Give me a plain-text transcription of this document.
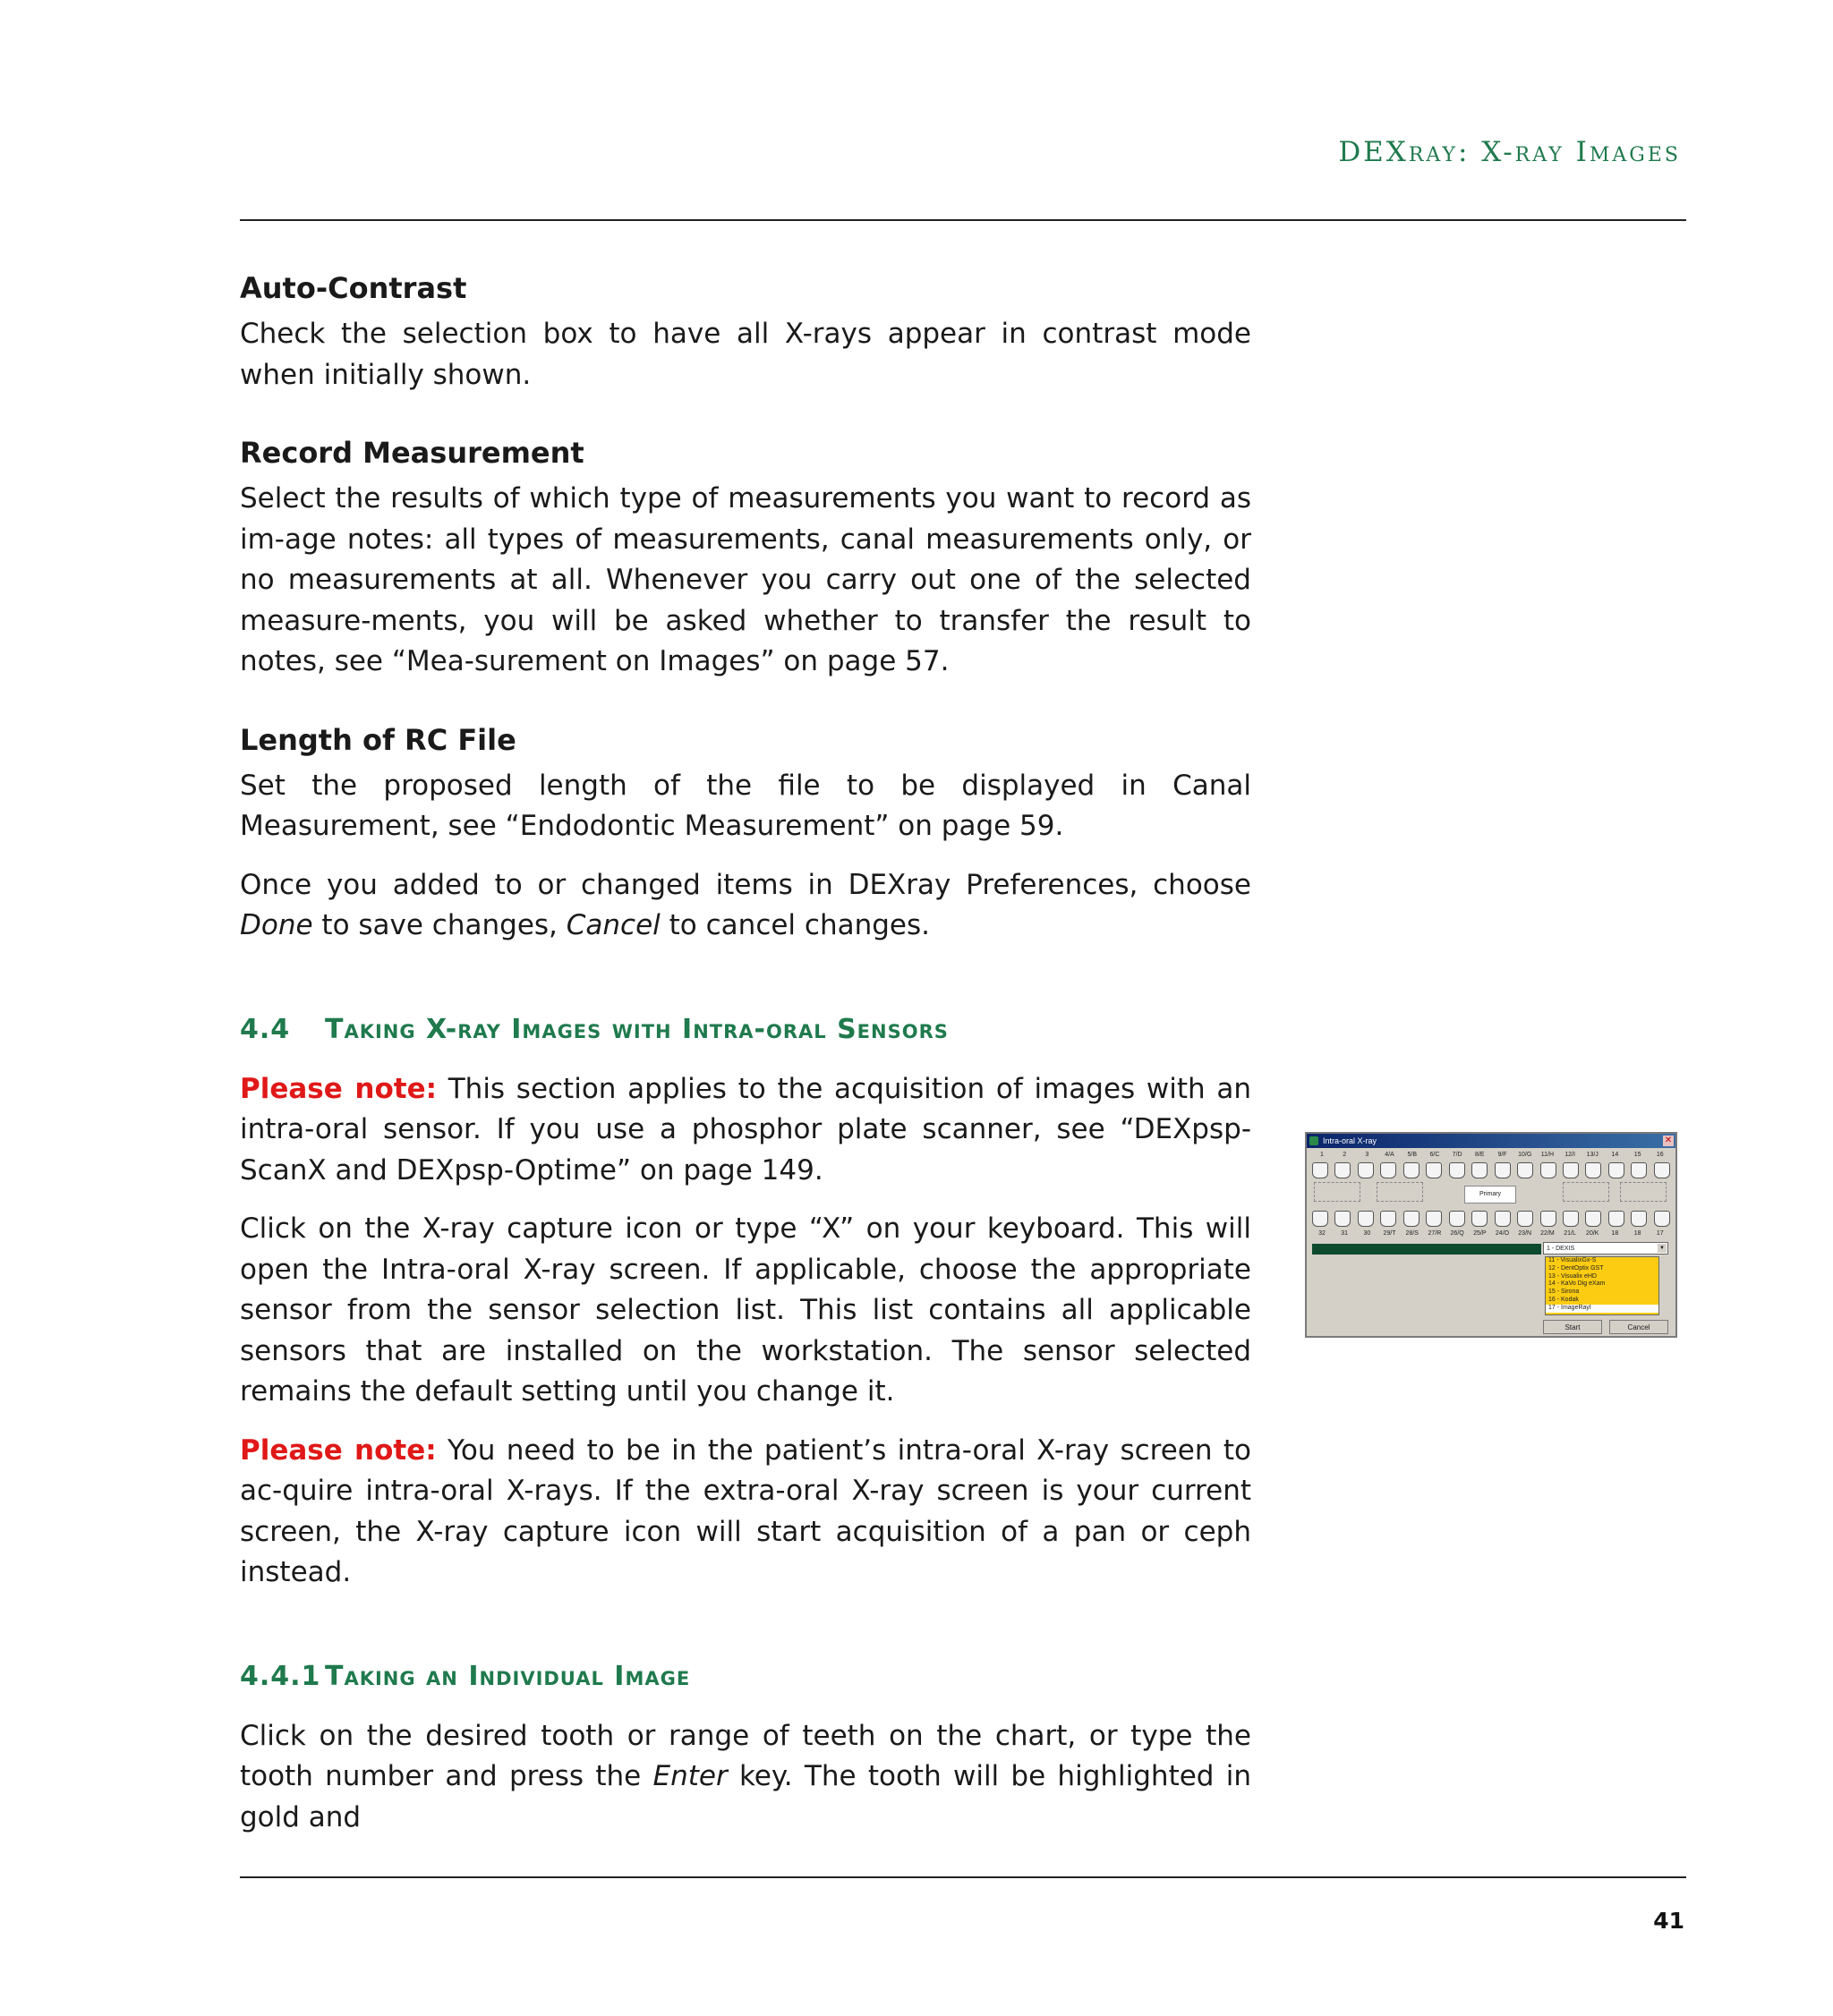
DEXray: X-ray Images
Auto-Contrast

Check the selection box to have all X-rays appear in contrast mode when initially shown.

Record Measurement

Select the results of which type of measurements you want to record as im-age notes: all types of measurements, canal measurements only, or no measurements at all. Whenever you carry out one of the selected measure-ments, you will be asked whether to transfer the result to notes, see “Mea-surement on Images” on page 57.

Length of RC File

Set the proposed length of the file to be displayed in Canal Measurement, see “Endodontic Measurement” on page 59.

Once you added to or changed items in DEXray Preferences, choose Done to save changes, Cancel to cancel changes.

4.4 Taking X-ray Images with Intra-oral Sensors

Please note: This section applies to the acquisition of images with an intra-oral sensor. If you use a phosphor plate scanner, see “DEXpsp-ScanX and DEXpsp-Optime” on page 149.

Click on the X-ray capture icon or type “X” on your keyboard. This will open the Intra-oral X-ray screen. If applicable, choose the appropriate sensor from the sensor selection list. This list contains all applicable sensors that are installed on the workstation. The sensor selected remains the default setting until you change it.

Please note: You need to be in the patient’s intra-oral X-ray screen to ac-quire intra-oral X-rays. If the extra-oral X-ray screen is your current screen, the X-ray capture icon will start acquisition of a pan or ceph instead.

4.4.1 Taking an Individual Image

Click on the desired tooth or range of teeth on the chart, or type the tooth number and press the Enter key. The tooth will be highlighted in gold and

Intra-oral X-ray	✕
1	2	3	4/A	5/B	6/C	7/D	8/E	9/F	10/G	11/H	12/I	13/J	14	15	16
Primary
32	31	30	29/T	28/S	27/R	26/Q	25/P	24/O	23/N	22/M	21/L	20/K	18	18	17
1 - DEXIS	▼
11 - VisualixGx-S
12 - DentOptix GST
13 - Visualix eHD
14 - KaVo Dig eXam
15 - Sirona
16 - Kodak
17 - ImageRayI
Start	Cancel
41
